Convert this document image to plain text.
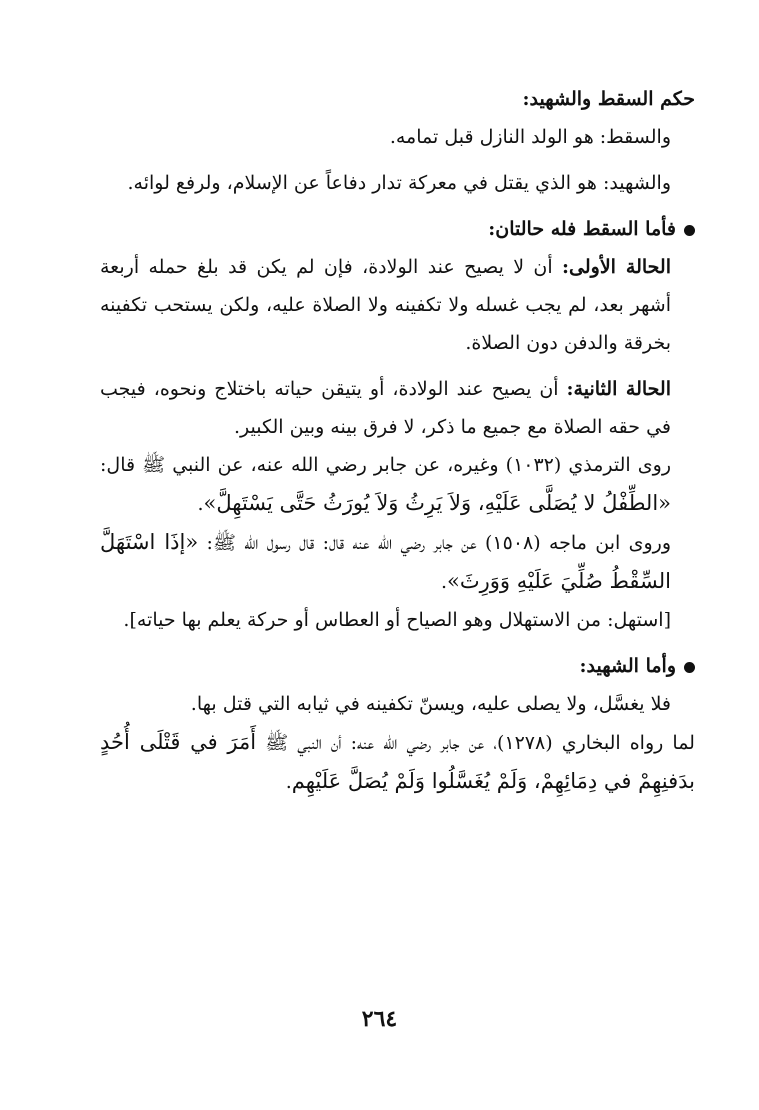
حكم السقط والشهيد:

والسقط: هو الولد النازل قبل تمامه.

والشهيد: هو الذي يقتل في معركة تدار دفاعاً عن الإسلام، ولرفع لوائه.

فأما السقط فله حالتان:

الحالة الأولى: أن لا يصيح عند الولادة، فإن لم يكن قد بلغ حمله أربعة أشهر بعد، لم يجب غسله ولا تكفينه ولا الصلاة عليه، ولكن يستحب تكفينه بخرقة والدفن دون الصلاة.

الحالة الثانية: أن يصيح عند الولادة، أو يتيقن حياته باختلاج ونحوه، فيجب في حقه الصلاة مع جميع ما ذكر، لا فرق بينه وبين الكبير.

روى الترمذي (١٠٣٢) وغيره، عن جابر رضي الله عنه، عن النبي ﷺ قال: «الطِّفْلُ لا يُصَلَّى عَلَيْهِ، وَلاَ يَرِثُ وَلاَ يُورَثُ حَتَّى يَسْتَهِلَّ».

وروى ابن ماجه (١٥٠٨) عن جابر رضي الله عنه قال: قال رسول الله ﷺ: «إذَا اسْتَهَلَّ السِّقْطُ صُلِّيَ عَلَيْهِ وَوَرِثَ».

[استهل: من الاستهلال وهو الصياح أو العطاس أو حركة يعلم بها حياته].

وأما الشهيد:

فلا يغسَّل، ولا يصلى عليه، ويسنّ تكفينه في ثيابه التي قتل بها.

لما رواه البخاري (١٢٧٨)، عن جابر رضي الله عنه: أن النبي ﷺ أَمَرَ في قَتْلَى أُحُدٍ بدَفنِهِمْ في دِمَائِهِمْ، وَلَمْ يُغَسَّلُوا وَلَمْ يُصَلَّ عَلَيْهِم.

٢٦٤
